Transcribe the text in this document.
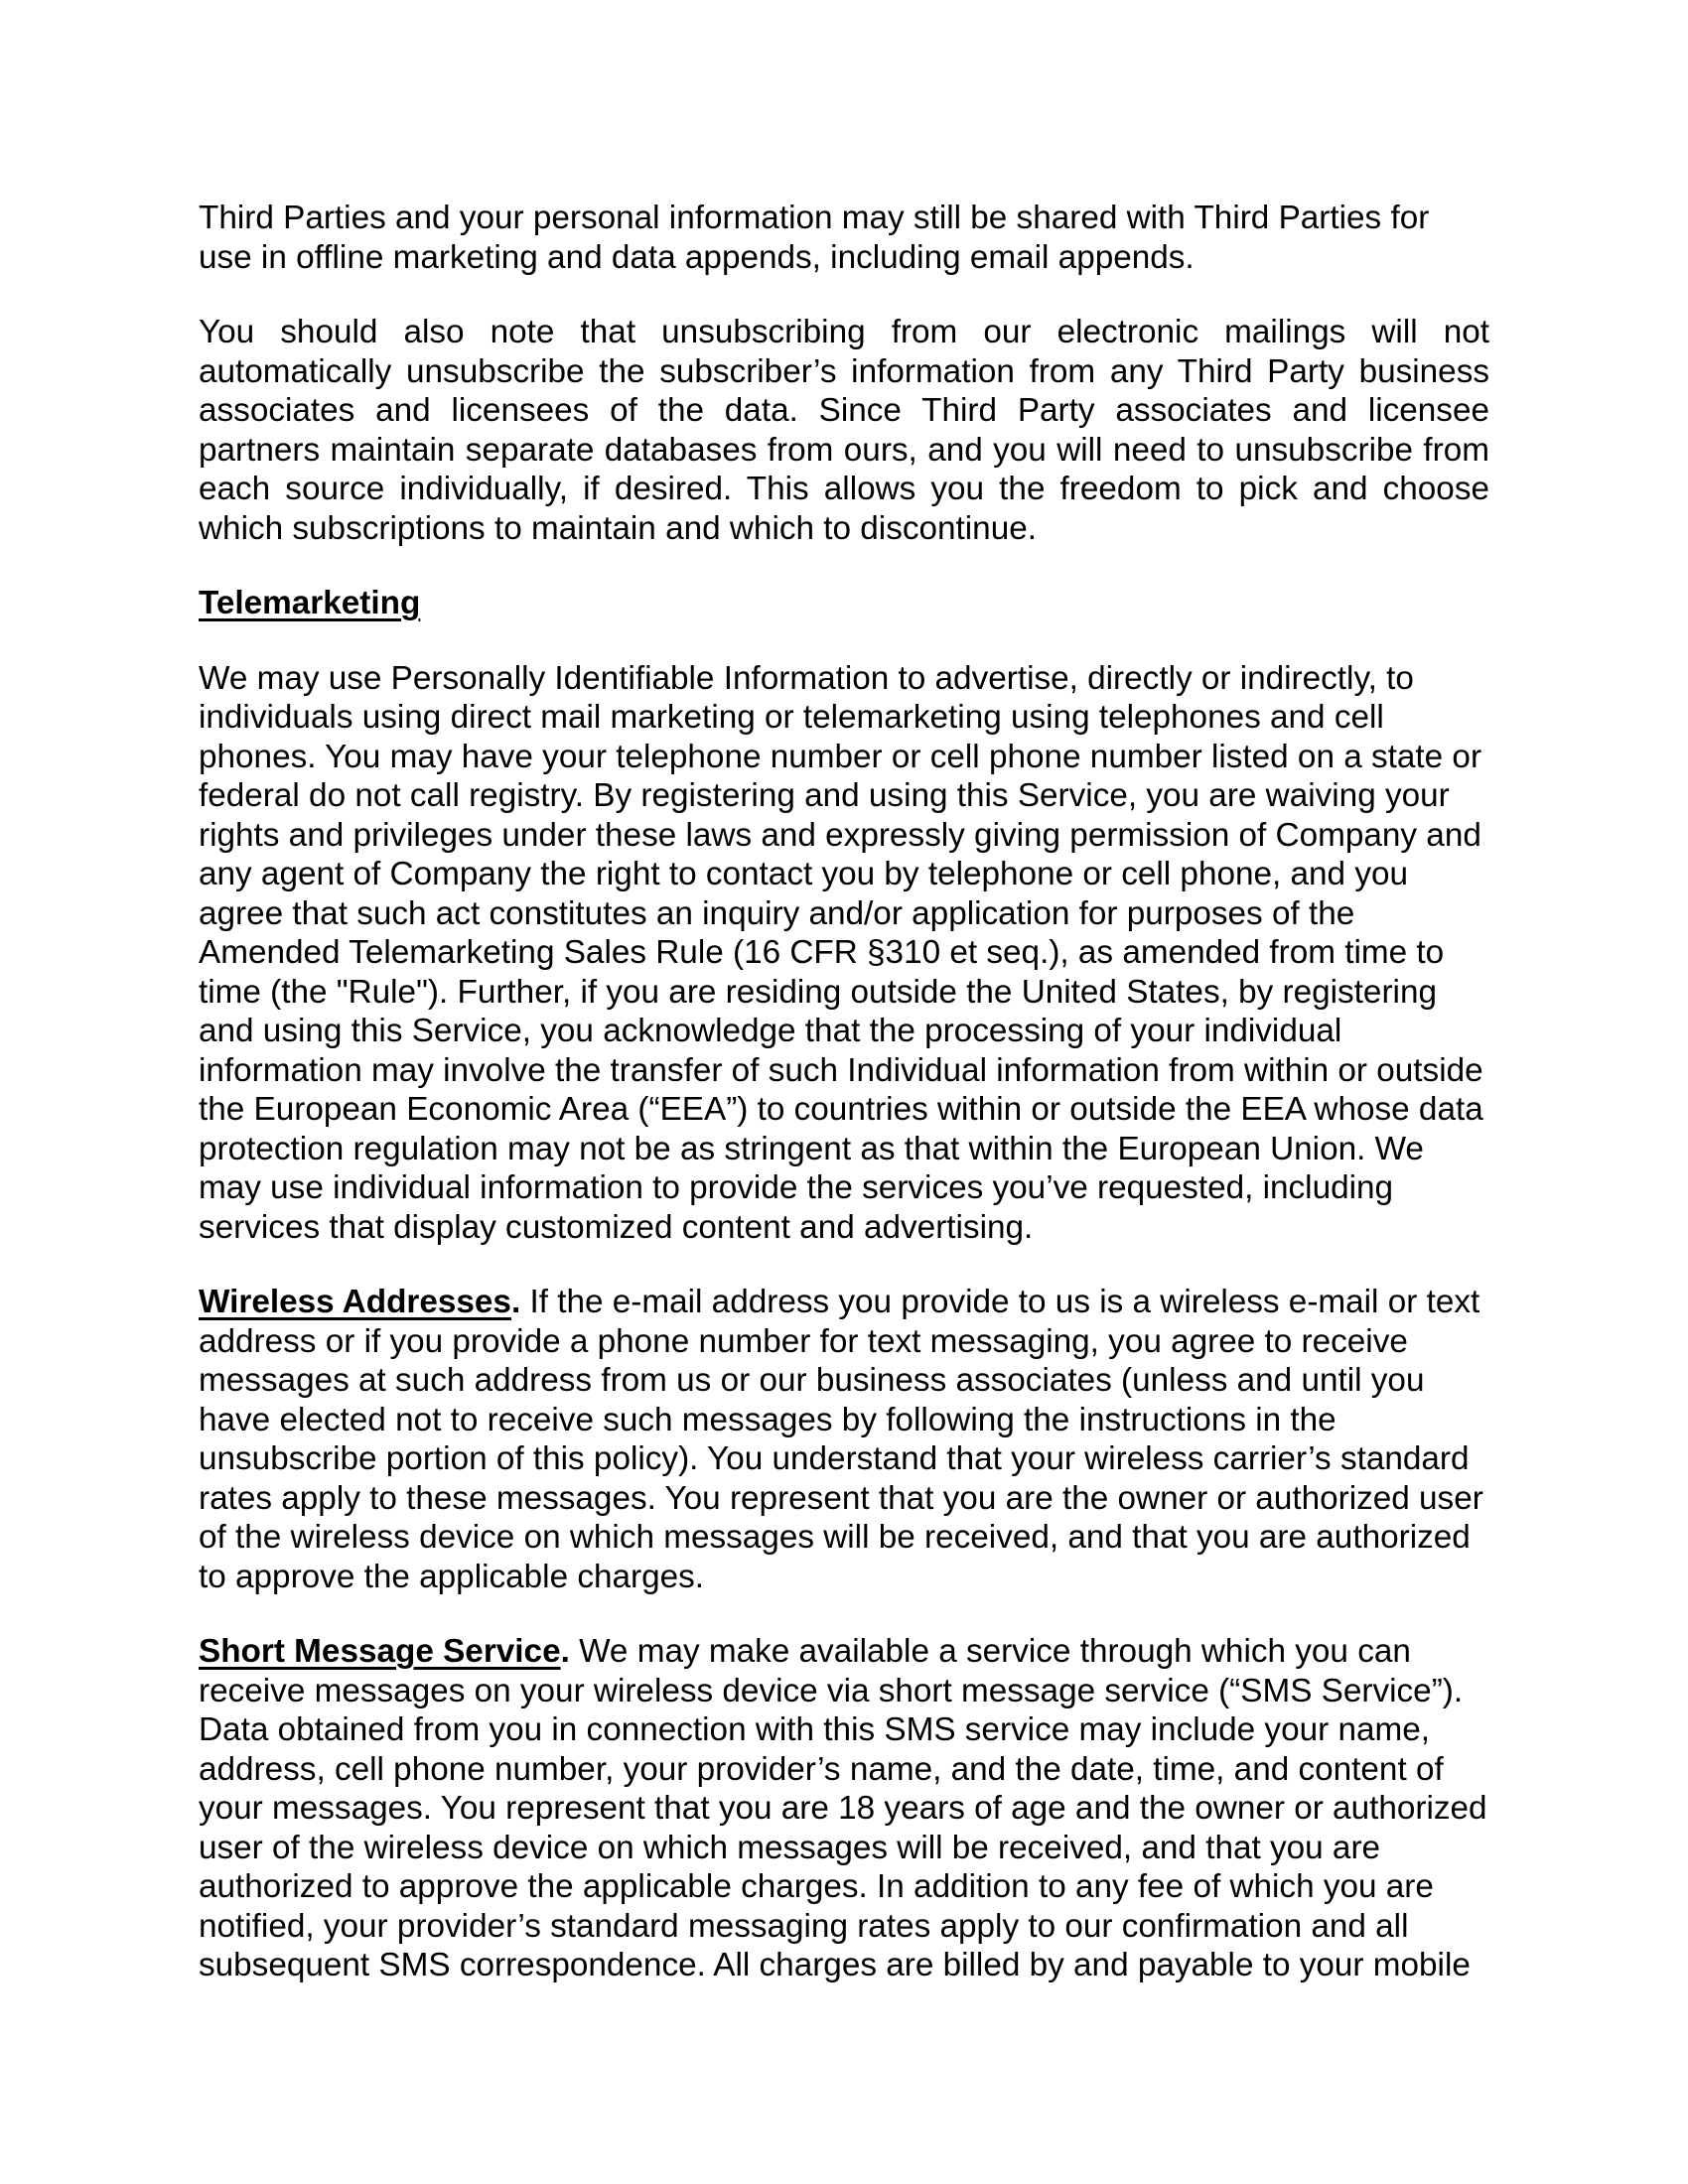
Third Parties and your personal information may still be shared with Third Parties for use in offline marketing and data appends, including email appends.

You should also note that unsubscribing from our electronic mailings will not automatically unsubscribe the subscriber’s information from any Third Party business associates and licensees of the data. Since Third Party associates and licensee partners maintain separate databases from ours, and you will need to unsubscribe from each source individually, if desired. This allows you the freedom to pick and choose which subscriptions to maintain and which to discontinue.

Telemarketing

We may use Personally Identifiable Information to advertise, directly or indirectly, to individuals using direct mail marketing or telemarketing using telephones and cell phones. You may have your telephone number or cell phone number listed on a state or federal do not call registry. By registering and using this Service, you are waiving your rights and privileges under these laws and expressly giving permission of Company and any agent of Company the right to contact you by telephone or cell phone, and you agree that such act constitutes an inquiry and/or application for purposes of the Amended Telemarketing Sales Rule (16 CFR §310 et seq.), as amended from time to time (the "Rule"). Further, if you are residing outside the United States, by registering and using this Service, you acknowledge that the processing of your individual information may involve the transfer of such Individual information from within or outside the European Economic Area (“EEA”) to countries within or outside the EEA whose data protection regulation may not be as stringent as that within the European Union. We may use individual information to provide the services you’ve requested, including services that display customized content and advertising.

Wireless Addresses. If the e-mail address you provide to us is a wireless e-mail or text address or if you provide a phone number for text messaging, you agree to receive messages at such address from us or our business associates (unless and until you have elected not to receive such messages by following the instructions in the unsubscribe portion of this policy). You understand that your wireless carrier’s standard rates apply to these messages. You represent that you are the owner or authorized user of the wireless device on which messages will be received, and that you are authorized to approve the applicable charges.

Short Message Service. We may make available a service through which you can receive messages on your wireless device via short message service (“SMS Service”). Data obtained from you in connection with this SMS service may include your name, address, cell phone number, your provider’s name, and the date, time, and content of your messages. You represent that you are 18 years of age and the owner or authorized user of the wireless device on which messages will be received, and that you are authorized to approve the applicable charges. In addition to any fee of which you are notified, your provider’s standard messaging rates apply to our confirmation and all subsequent SMS correspondence. All charges are billed by and payable to your mobile
